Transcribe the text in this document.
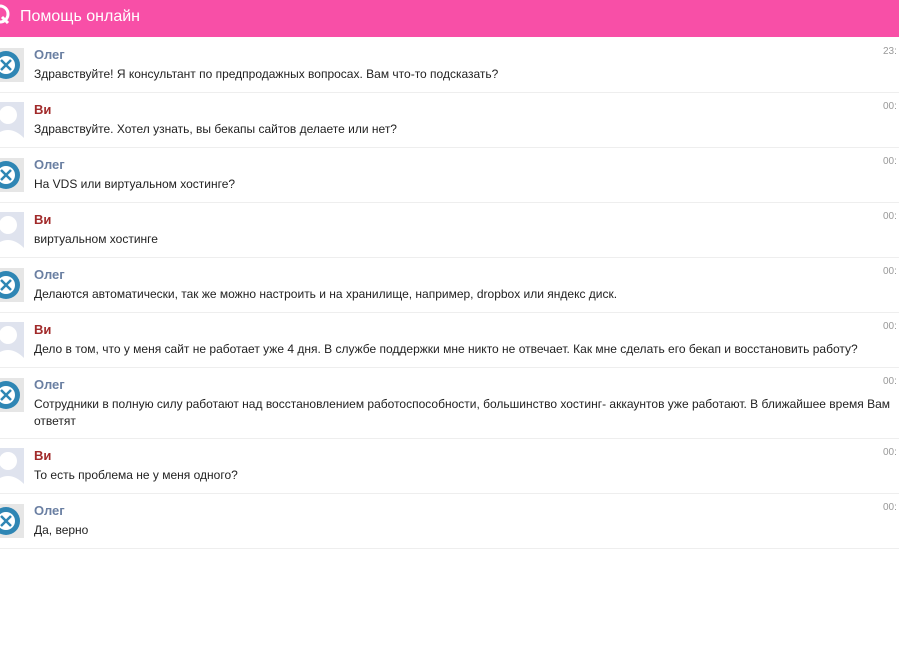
Помощь онлайн
Олег
Здравствуйте! Я консультант по предпродажных вопросах. Вам что-то подсказать?
23:
Ви
Здравствуйте. Хотел узнать, вы бекапы сайтов делаете или нет?
00:
Олег
На VDS или виртуальном хостинге?
00:
Ви
виртуальном хостинге
00:
Олег
Делаются автоматически, так же можно настроить и на хранилище, например, dropbox или яндекс диск.
00:
Ви
Дело в том, что у меня сайт не работает уже 4 дня. В службе поддержки мне никто не отвечает. Как мне сделать его бекап и восстановить работу?
00:
Олег
Сотрудники в полную силу работают над восстановлением работоспособности, большинство хостинг- аккаунтов уже работают. В ближайшее время Вам
ответят
00:
Ви
То есть проблема не у меня одного?
00:
Олег
Да, верно
00:
